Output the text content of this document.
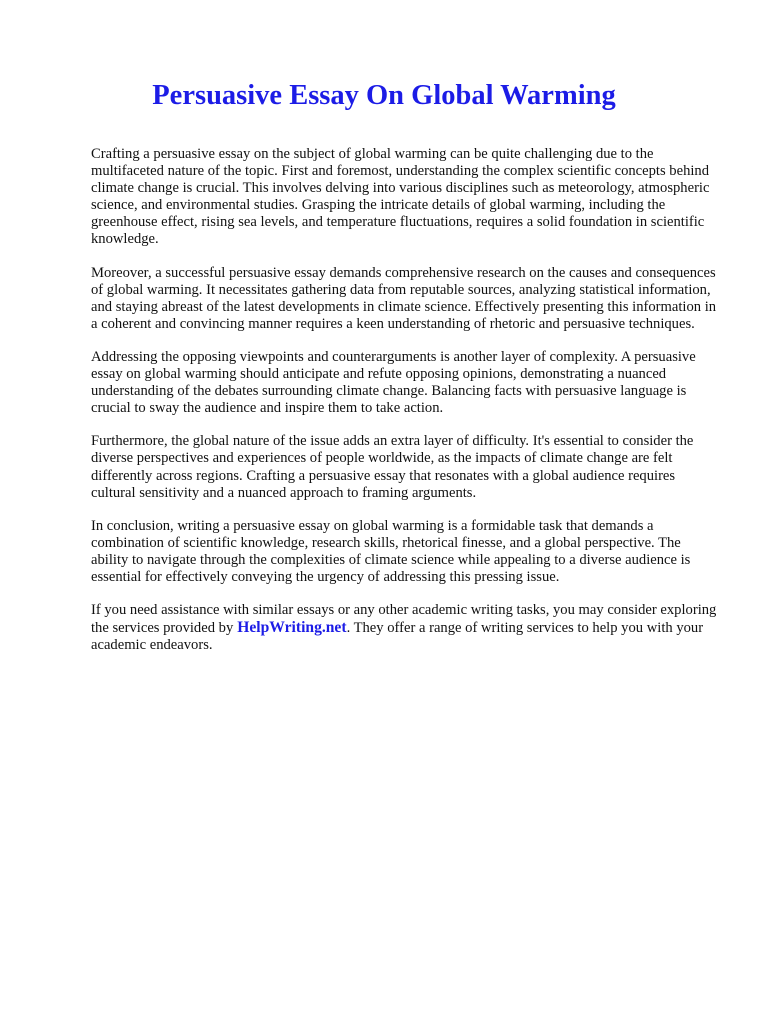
Persuasive Essay On Global Warming

Crafting a persuasive essay on the subject of global warming can be quite challenging due to the multifaceted nature of the topic. First and foremost, understanding the complex scientific concepts behind climate change is crucial. This involves delving into various disciplines such as meteorology, atmospheric science, and environmental studies. Grasping the intricate details of global warming, including the greenhouse effect, rising sea levels, and temperature fluctuations, requires a solid foundation in scientific knowledge.

Moreover, a successful persuasive essay demands comprehensive research on the causes and consequences of global warming. It necessitates gathering data from reputable sources, analyzing statistical information, and staying abreast of the latest developments in climate science. Effectively presenting this information in a coherent and convincing manner requires a keen understanding of rhetoric and persuasive techniques.

Addressing the opposing viewpoints and counterarguments is another layer of complexity. A persuasive essay on global warming should anticipate and refute opposing opinions, demonstrating a nuanced understanding of the debates surrounding climate change. Balancing facts with persuasive language is crucial to sway the audience and inspire them to take action.

Furthermore, the global nature of the issue adds an extra layer of difficulty. It's essential to consider the diverse perspectives and experiences of people worldwide, as the impacts of climate change are felt differently across regions. Crafting a persuasive essay that resonates with a global audience requires cultural sensitivity and a nuanced approach to framing arguments.

In conclusion, writing a persuasive essay on global warming is a formidable task that demands a combination of scientific knowledge, research skills, rhetorical finesse, and a global perspective. The ability to navigate through the complexities of climate science while appealing to a diverse audience is essential for effectively conveying the urgency of addressing this pressing issue.

If you need assistance with similar essays or any other academic writing tasks, you may consider exploring the services provided by HelpWriting.net. They offer a range of writing services to help you with your academic endeavors.
